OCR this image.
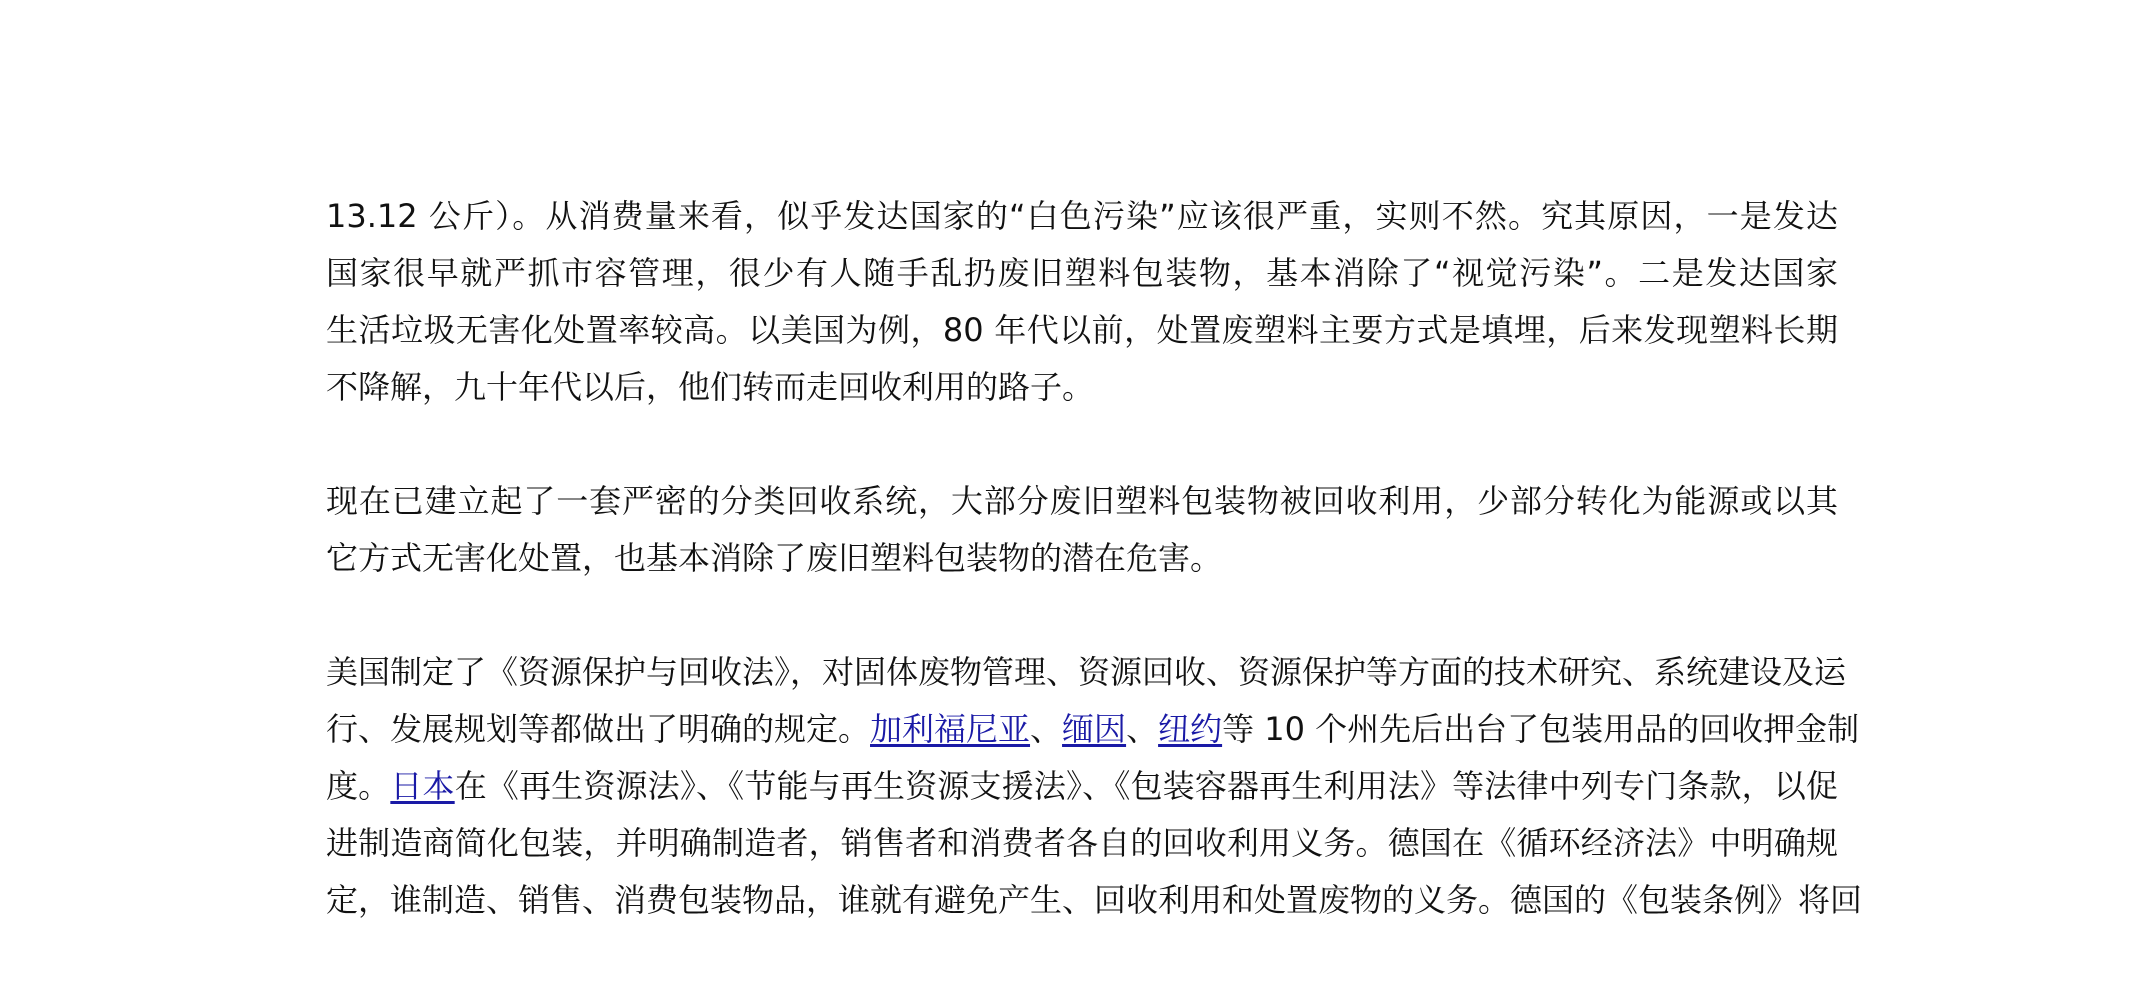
13.12 公斤）。从消费量来看，似乎发达国家的“白色污染”应该很严重，实则不然。究其原因，一是发达
国家很早就严抓市容管理，很少有人随手乱扔废旧塑料包装物，基本消除了“视觉污染”。二是发达国家
生活垃圾无害化处置率较高。以美国为例，80 年代以前，处置废塑料主要方式是填埋，后来发现塑料长期
不降解，九十年代以后，他们转而走回收利用的路子。

现在已建立起了一套严密的分类回收系统，大部分废旧塑料包装物被回收利用，少部分转化为能源或以其
它方式无害化处置，也基本消除了废旧塑料包装物的潜在危害。

美国制定了《资源保护与回收法》，对固体废物管理、资源回收、资源保护等方面的技术研究、系统建设及运
行、发展规划等都做出了明确的规定。加利福尼亚、缅因、纽约等 10 个州先后出台了包装用品的回收押金制
度。日本在《再生资源法》、《节能与再生资源支援法》、《包装容器再生利用法》等法律中列专门条款，以促
进制造商简化包装，并明确制造者，销售者和消费者各自的回收利用义务。德国在《循环经济法》中明确规
定，谁制造、销售、消费包装物品，谁就有避免产生、回收利用和处置废物的义务。德国的《包装条例》将回
